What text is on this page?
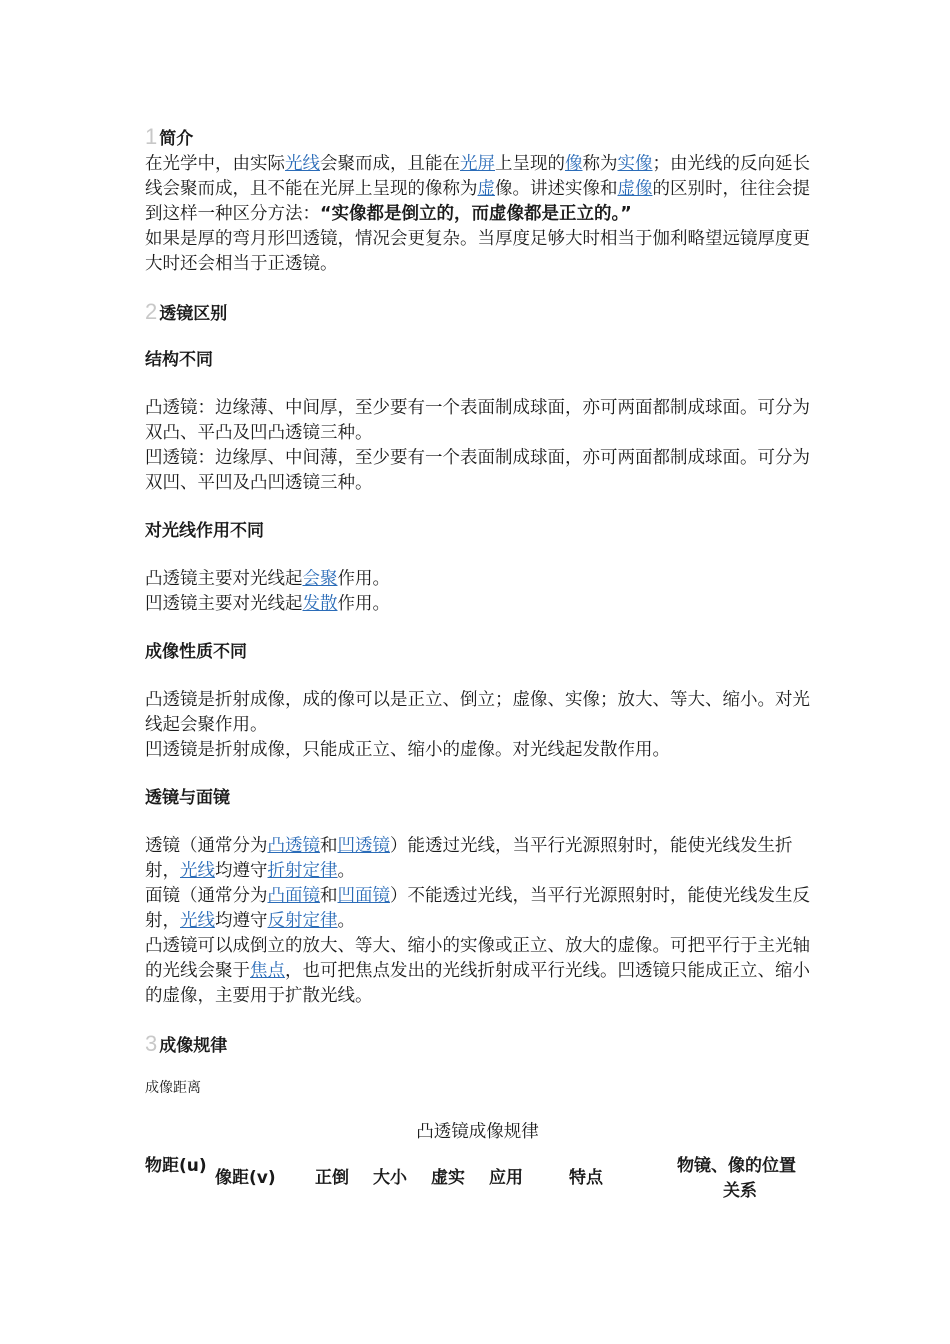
1 简介

在光学中，由实际光线会聚而成，且能在光屏上呈现的像称为实像；由光线的反向延长线会聚而成，且不能在光屏上呈现的像称为虚像。讲述实像和虚像的区别时，往往会提到这样一种区分方法：“实像都是倒立的，而虚像都是正立的。”

如果是厚的弯月形凹透镜，情况会更复杂。当厚度足够大时相当于伽利略望远镜厚度更大时还会相当于正透镜。

2 透镜区别

结构不同

凸透镜：边缘薄、中间厚，至少要有一个表面制成球面，亦可两面都制成球面。可分为双凸、平凸及凹凸透镜三种。

凹透镜：边缘厚、中间薄，至少要有一个表面制成球面，亦可两面都制成球面。可分为双凹、平凹及凸凹透镜三种。

对光线作用不同

凸透镜主要对光线起会聚作用。

凹透镜主要对光线起发散作用。

成像性质不同

凸透镜是折射成像，成的像可以是正立、倒立；虚像、实像；放大、等大、缩小。对光线起会聚作用。

凹透镜是折射成像，只能成正立、缩小的虚像。对光线起发散作用。

透镜与面镜

透镜（通常分为凸透镜和凹透镜）能透过光线，当平行光源照射时，能使光线发生折射，光线均遵守折射定律。

面镜（通常分为凸面镜和凹面镜）不能透过光线，当平行光源照射时，能使光线发生反射，光线均遵守反射定律。

凸透镜可以成倒立的放大、等大、缩小的实像或正立、放大的虚像。可把平行于主光轴的光线会聚于焦点，也可把焦点发出的光线折射成平行光线。凹透镜只能成正立、缩小的虚像，主要用于扩散光线。

3 成像规律

成像距离

凸透镜成像规律

物距(u)
像距(v) 正倒 大小 虚实 应用	特点
物镜、像的位置
关系
